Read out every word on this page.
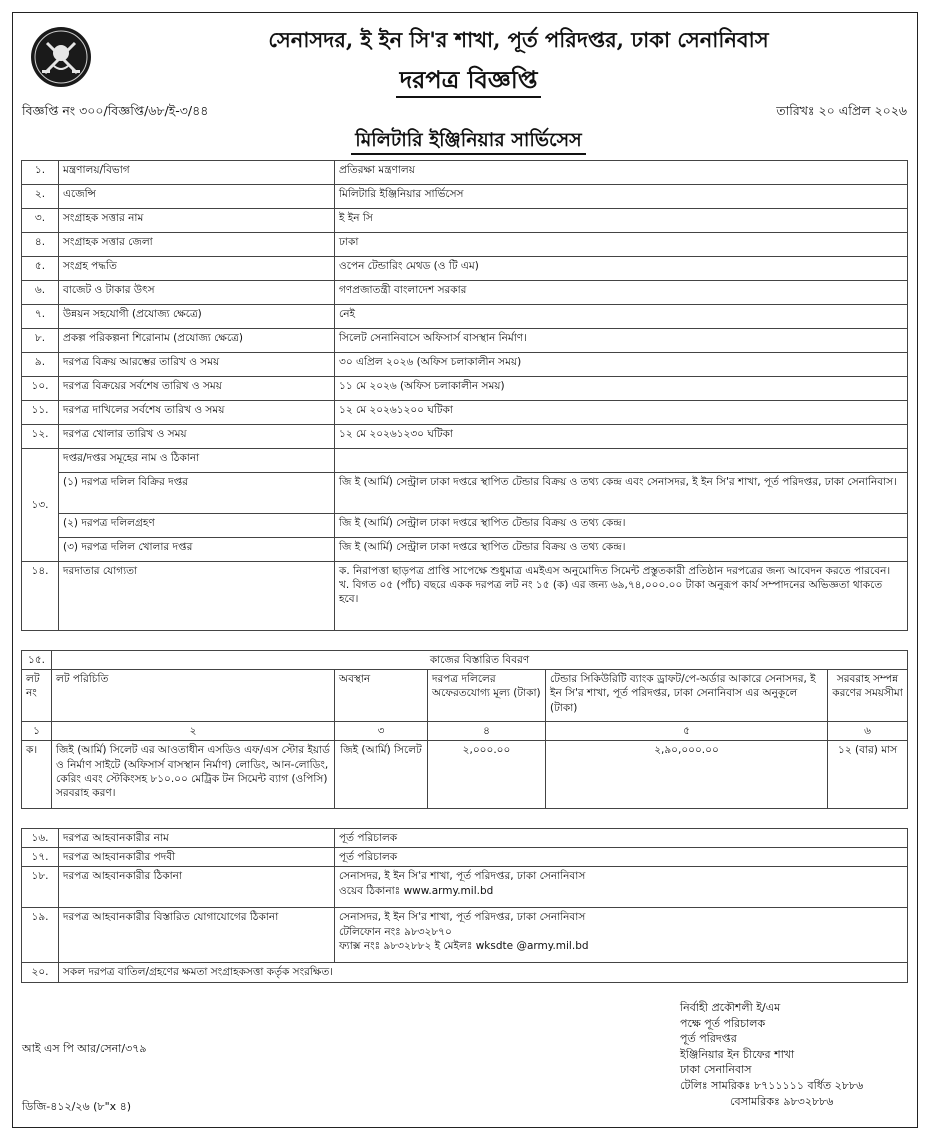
সেনাসদর, ই ইন সি'র শাখা, পূর্ত পরিদপ্তর, ঢাকা সেনানিবাস
দরপত্র বিজ্ঞপ্তি
বিজ্ঞপ্তি নং ৩০০/বিজ্ঞপ্তি/৬৮/ই-৩/৪৪	তারিখঃ ২০ এপ্রিল ২০২৬
মিলিটারি ইঞ্জিনিয়ার সার্ভিসেস
১.	মন্ত্রণালয়/বিভাগ	প্রতিরক্ষা মন্ত্রণালয়
২.	এজেন্সি	মিলিটারি ইঞ্জিনিয়ার সার্ভিসেস
৩.	সংগ্রাহক সত্তার নাম	ই ইন সি
৪.	সংগ্রাহক সত্তার জেলা	ঢাকা
৫.	সংগ্রহ পদ্ধতি	ওপেন টেন্ডারিং মেথড (ও টি এম)
৬.	বাজেট ও টাকার উৎস	গণপ্রজাতন্ত্রী বাংলাদেশ সরকার
৭.	উন্নয়ন সহযোগী (প্রযোজ্য ক্ষেত্রে)	নেই
৮.	প্রকল্প পরিকল্পনা শিরোনাম (প্রযোজ্য ক্ষেত্রে)	সিলেট সেনানিবাসে অফিসার্স বাসস্থান নির্মাণ।
৯.	দরপত্র বিক্রয় আরম্ভের তারিখ ও সময়	৩০ এপ্রিল ২০২৬ (অফিস চলাকালীন সময়)
১০.	দরপত্র বিক্রয়ের সর্বশেষ তারিখ ও সময়	১১ মে ২০২৬ (অফিস চলাকালীন সময়)
১১.	দরপত্র দাখিলের সর্বশেষ তারিখ ও সময়	১২ মে ২০২৬১২০০ ঘটিকা
১২.	দরপত্র খোলার তারিখ ও সময়	১২ মে ২০২৬১২৩০ ঘটিকা
১৩.	দপ্তর/দপ্তর সমূহের নাম ও ঠিকানা	
	(১) দরপত্র দলিল বিক্রির দপ্তর	জি ই (আর্মি) সেন্ট্রাল ঢাকা দপ্তরে স্থাপিত টেন্ডার বিক্রয় ও তথ্য কেন্দ্র এবং সেনাসদর, ই ইন সি'র শাখা, পূর্ত পরিদপ্তর, ঢাকা সেনানিবাস।
	(২) দরপত্র দলিলগ্রহণ	জি ই (আর্মি) সেন্ট্রাল ঢাকা দপ্তরে স্থাপিত টেন্ডার বিক্রয় ও তথ্য কেন্দ্র।
	(৩) দরপত্র দলিল খোলার দপ্তর	জি ই (আর্মি) সেন্ট্রাল ঢাকা দপ্তরে স্থাপিত টেন্ডার বিক্রয় ও তথ্য কেন্দ্র।
১৪.	দরদাতার যোগ্যতা	ক. নিরাপত্তা ছাড়পত্র প্রাপ্তি সাপেক্ষে শুধুমাত্র এমইএস অনুমোদিত সিমেন্ট প্রস্তুতকারী প্রতিষ্ঠান দরপত্রের জন্য আবেদন করতে পারবেন।
খ. বিগত ০৫ (পাঁচ) বছরে একক দরপত্র লট নং ১৫ (ক) এর জন্য ৬৯,৭৪,০০০.০০ টাকা অনুরূপ কার্য সম্পাদনের অভিজ্ঞতা থাকতে হবে।
১৫.	কাজের বিস্তারিত বিবরণ				
লট নং	লট পরিচিতি	অবস্থান	দরপত্র দলিলের অফেরতযোগ্য মূল্য (টাকা)	টেন্ডার সিকিউরিটি ব্যাংক ড্রাফট/পে-অর্ডার আকারে সেনাসদর, ই ইন সি'র শাখা, পূর্ত পরিদপ্তর, ঢাকা সেনানিবাস এর অনুকূলে (টাকা)	সরবরাহ সম্পন্ন করণের সময়সীমা
১	২	৩	৪	৫	৬
ক।	জিই (আর্মি) সিলেট এর আওতাধীন এসডিও এফ/এস স্টোর ইয়ার্ড ও নির্মাণ সাইটে (অফিসার্স বাসস্থান নির্মাণ) লোডিং, আন-লোডিং, কেরিং এবং স্টেকিংসহ ৮১০.০০ মেট্রিক টন সিমেন্ট ব্যাগ (ওপিসি) সরবরাহ করণ।	জিই (আর্মি) সিলেট	২,০০০.০০	২,৯০,০০০.০০	১২ (বার) মাস
১৬.	দরপত্র আহবানকারীর নাম	পূর্ত পরিচালক
১৭.	দরপত্র আহবানকারীর পদবী	পূর্ত পরিচালক
১৮.	দরপত্র আহবানকারীর ঠিকানা	সেনাসদর, ই ইন সি'র শাখা, পূর্ত পরিদপ্তর, ঢাকা সেনানিবাস
ওয়েব ঠিকানাঃ www.army.mil.bd

১৯.	দরপত্র আহবানকারীর বিস্তারিত যোগাযোগের ঠিকানা	সেনাসদর, ই ইন সি'র শাখা, পূর্ত পরিদপ্তর, ঢাকা সেনানিবাস
টেলিফোন নংঃ ৯৮৩২৮৭০
ফ্যাক্স নংঃ ৯৮৩২৮৮২ ই মেইলঃ wksdte @army.mil.bd

২০.	সকল দরপত্র বাতিল/গ্রহণের ক্ষমতা সংগ্রাহকসত্তা কর্তৃক সংরক্ষিত।	
আই এস পি আর/সেনা/৩৭৯
ডিজি-৪১২/২৬ (৮"x ৪)
নির্বাহী প্রকৌশলী ই/এম
পক্ষে পূর্ত পরিচালক
পূর্ত পরিদপ্তর
ইঞ্জিনিয়ার ইন চীফের শাখা
ঢাকা সেনানিবাস
টেলিঃ সামরিকঃ ৮৭১১১১১ বর্ধিত ২৮৮৬
বেসামরিকঃ ৯৮৩২৮৮৬
